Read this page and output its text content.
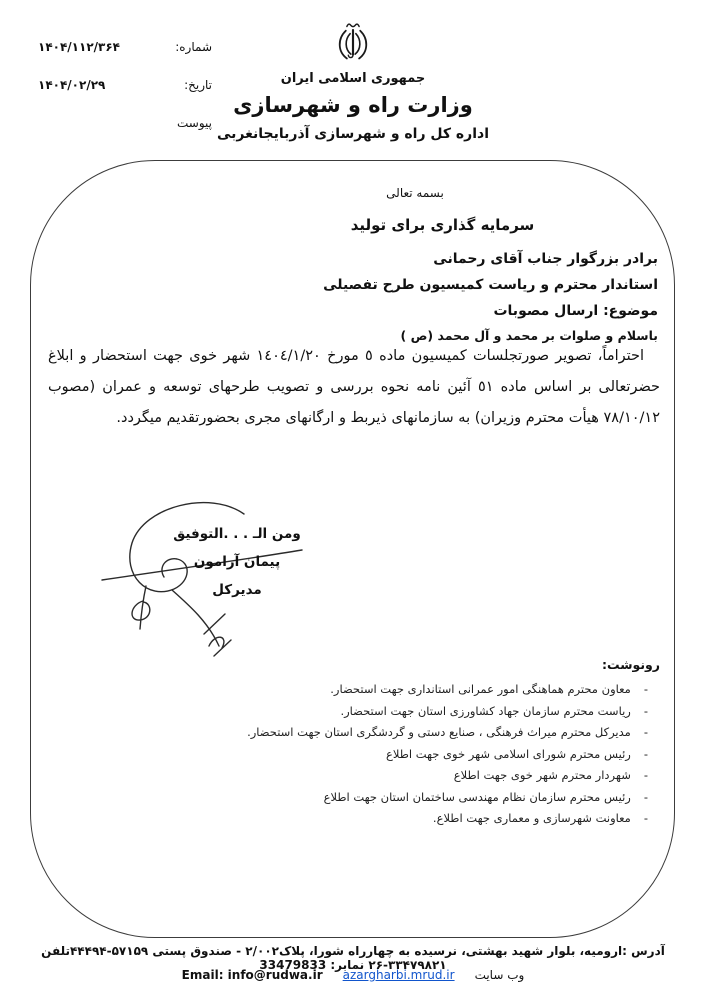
جمهوری اسلامی ایران
وزارت راه و شهرسازی
اداره کل راه و شهرسازی آذربایجانغربی
شماره:
۱۴۰۴/۱۱۲/۳۶۴
تاریخ:
۱۴۰۴/۰۲/۲۹
پیوست
بسمه تعالی
سرمایه گذاری برای تولید
برادر بزرگوار جناب آقای رحمانی
استاندار محترم و ریاست کمیسیون طرح تفصیلی
موضوع: ارسال مصوبات
باسلام و صلوات بر محمد و آل محمد (ص )
احتراماً، تصویر صورتجلسات کمیسیون ماده ٥ مورخ ١٤٠٤/١/٢٠ شهر خوی جهت استحضار و ابلاغ حضرتعالی بر اساس ماده ٥١ آئین نامه نحوه بررسی و تصویب طرحهای توسعه و عمران (مصوب ٧٨/١٠/١٢ هیأت محترم وزیران) به سازمانهای ذیربط و ارگانهای مجری بحضورتقدیم میگردد.
ومن الـ . . .التوفیق
پیمان آرامون
مدیرکل
رونوشت:
-
معاون محترم هماهنگی امور عمرانی استانداری جهت استحضار.
-
ریاست محترم سازمان جهاد کشاورزی استان جهت استحضار.
-
مدیرکل محترم میراث فرهنگی ، صنایع دستی و گردشگری استان جهت استحضار.
-
رئیس محترم شورای اسلامی شهر خوی جهت اطلاع
-
شهردار محترم شهر خوی جهت اطلاع
-
رئیس محترم سازمان نظام مهندسی ساختمان استان جهت اطلاع
-
معاونت شهرسازی و معماری جهت اطلاع.
آدرس :ارومیه، بلوار شهید بهشتی، نرسیده به چهارراه شورا، پلاک۲/۰۰۲ - صندوق پستی ۵۷۱۵۹-۴۴۴۹۴تلفن ۳۳۴۷۹۸۲۱-۲۶ نمابر: 33479833
Email: info@rudwa.ir azargharbi.mrud.ir وب سایت
